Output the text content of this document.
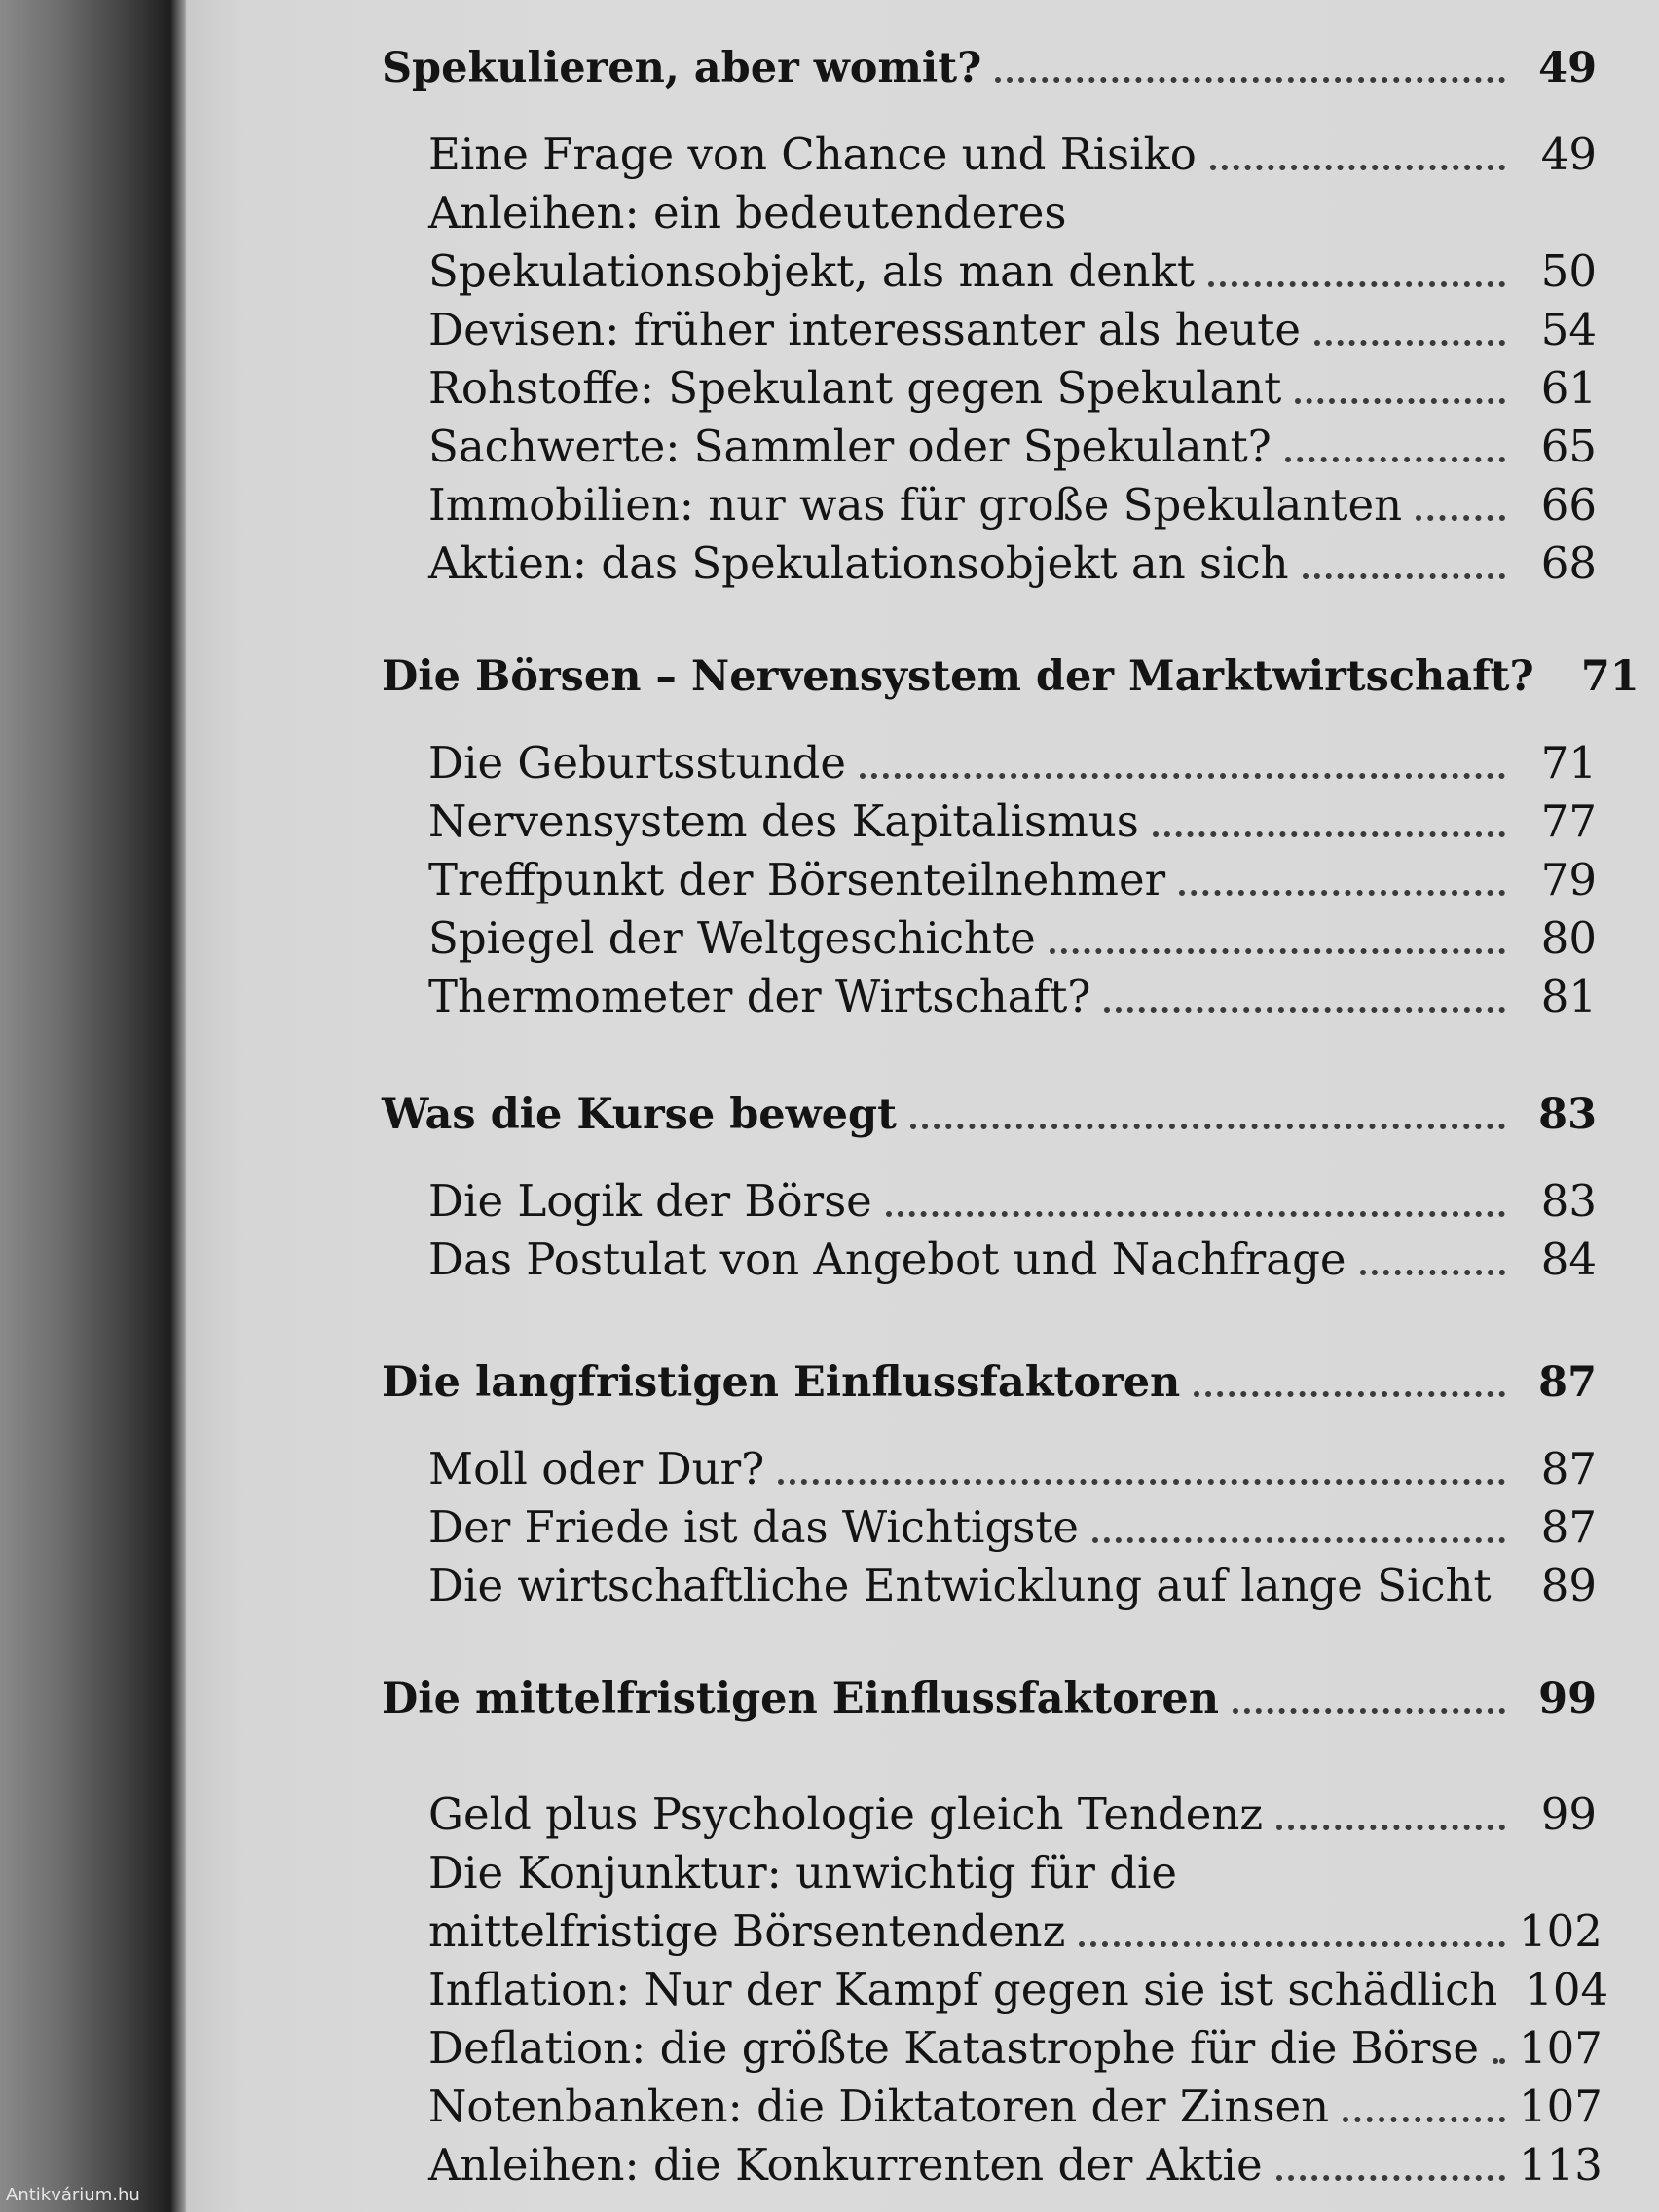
Spekulieren, aber womit?	49
Eine Frage von Chance und Risiko	49
Anleihen: ein bedeutenderes
Spekulationsobjekt, als man denkt	50
Devisen: früher interessanter als heute	54
Rohstoffe: Spekulant gegen Spekulant	61
Sachwerte: Sammler oder Spekulant?	65
Immobilien: nur was für große Spekulanten	66
Aktien: das Spekulationsobjekt an sich	68
Die Börsen – Nervensystem der Marktwirtschaft?	71
Die Geburtsstunde	71
Nervensystem des Kapitalismus	77
Treffpunkt der Börsenteilnehmer	79
Spiegel der Weltgeschichte	80
Thermometer der Wirtschaft?	81
Was die Kurse bewegt	83
Die Logik der Börse	83
Das Postulat von Angebot und Nachfrage	84
Die langfristigen Einflussfaktoren	87
Moll oder Dur?	87
Der Friede ist das Wichtigste	87
Die wirtschaftliche Entwicklung auf lange Sicht	89
Die mittelfristigen Einflussfaktoren	99
Geld plus Psychologie gleich Tendenz	99
Die Konjunktur: unwichtig für die
mittelfristige Börsentendenz	102
Inflation: Nur der Kampf gegen sie ist schädlich 104
Deflation: die größte Katastrophe für die Börse 107
Notenbanken: die Diktatoren der Zinsen	107
Anleihen: die Konkurrenten der Aktie	113
Antikvárium.hu
